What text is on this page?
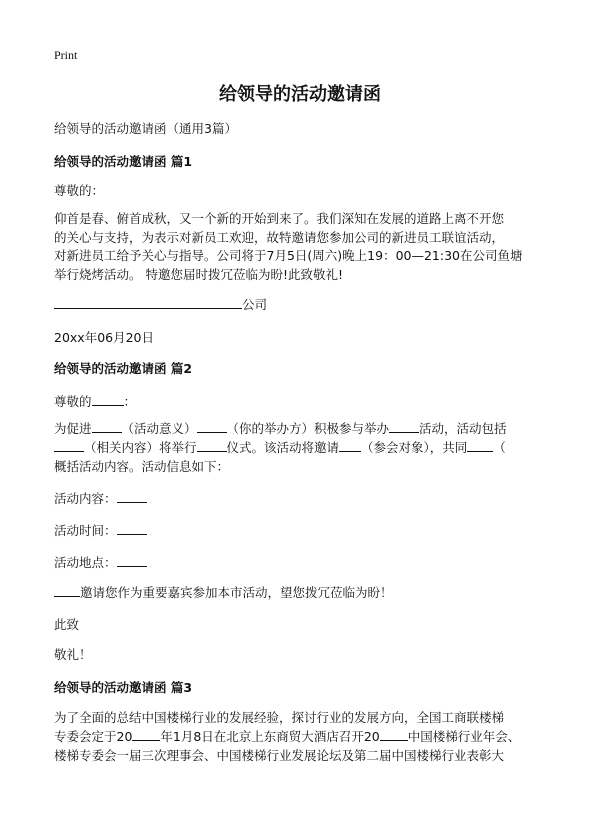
Print
给领导的活动邀请函
给领导的活动邀请函（通用3篇）
给领导的活动邀请函 篇1
尊敬的：
仰首是春、俯首成秋，又一个新的开始到来了。我们深知在发展的道路上离不开您
的关心与支持，为表示对新员工欢迎，故特邀请您参加公司的新进员工联谊活动，
对新进员工给予关心与指导。公司将于7月5日(周六)晚上19：00—21:30在公司鱼塘
举行烧烤活动。 特邀您届时拨冗莅临为盼!此致敬礼!
公司
20xx年06月20日
给领导的活动邀请函 篇2
尊敬的	：
为促进 （活动意义） （你的举办方）积极参与举办 活动，活动包括
（相关内容）将举行 仪式。该活动将邀请 （参会对象），共同 （
概括活动内容。活动信息如下：
活动内容：
活动时间：
活动地点：
邀请您作为重要嘉宾参加本市活动，望您拨冗莅临为盼！
此致
敬礼！
给领导的活动邀请函 篇3
为了全面的总结中国楼梯行业的发展经验，探讨行业的发展方向，全国工商联楼梯
专委会定于20 年1月8日在北京上东商贸大酒店召开20 中国楼梯行业年会、
楼梯专委会一届三次理事会、中国楼梯行业发展论坛及第二届中国楼梯行业表彰大
